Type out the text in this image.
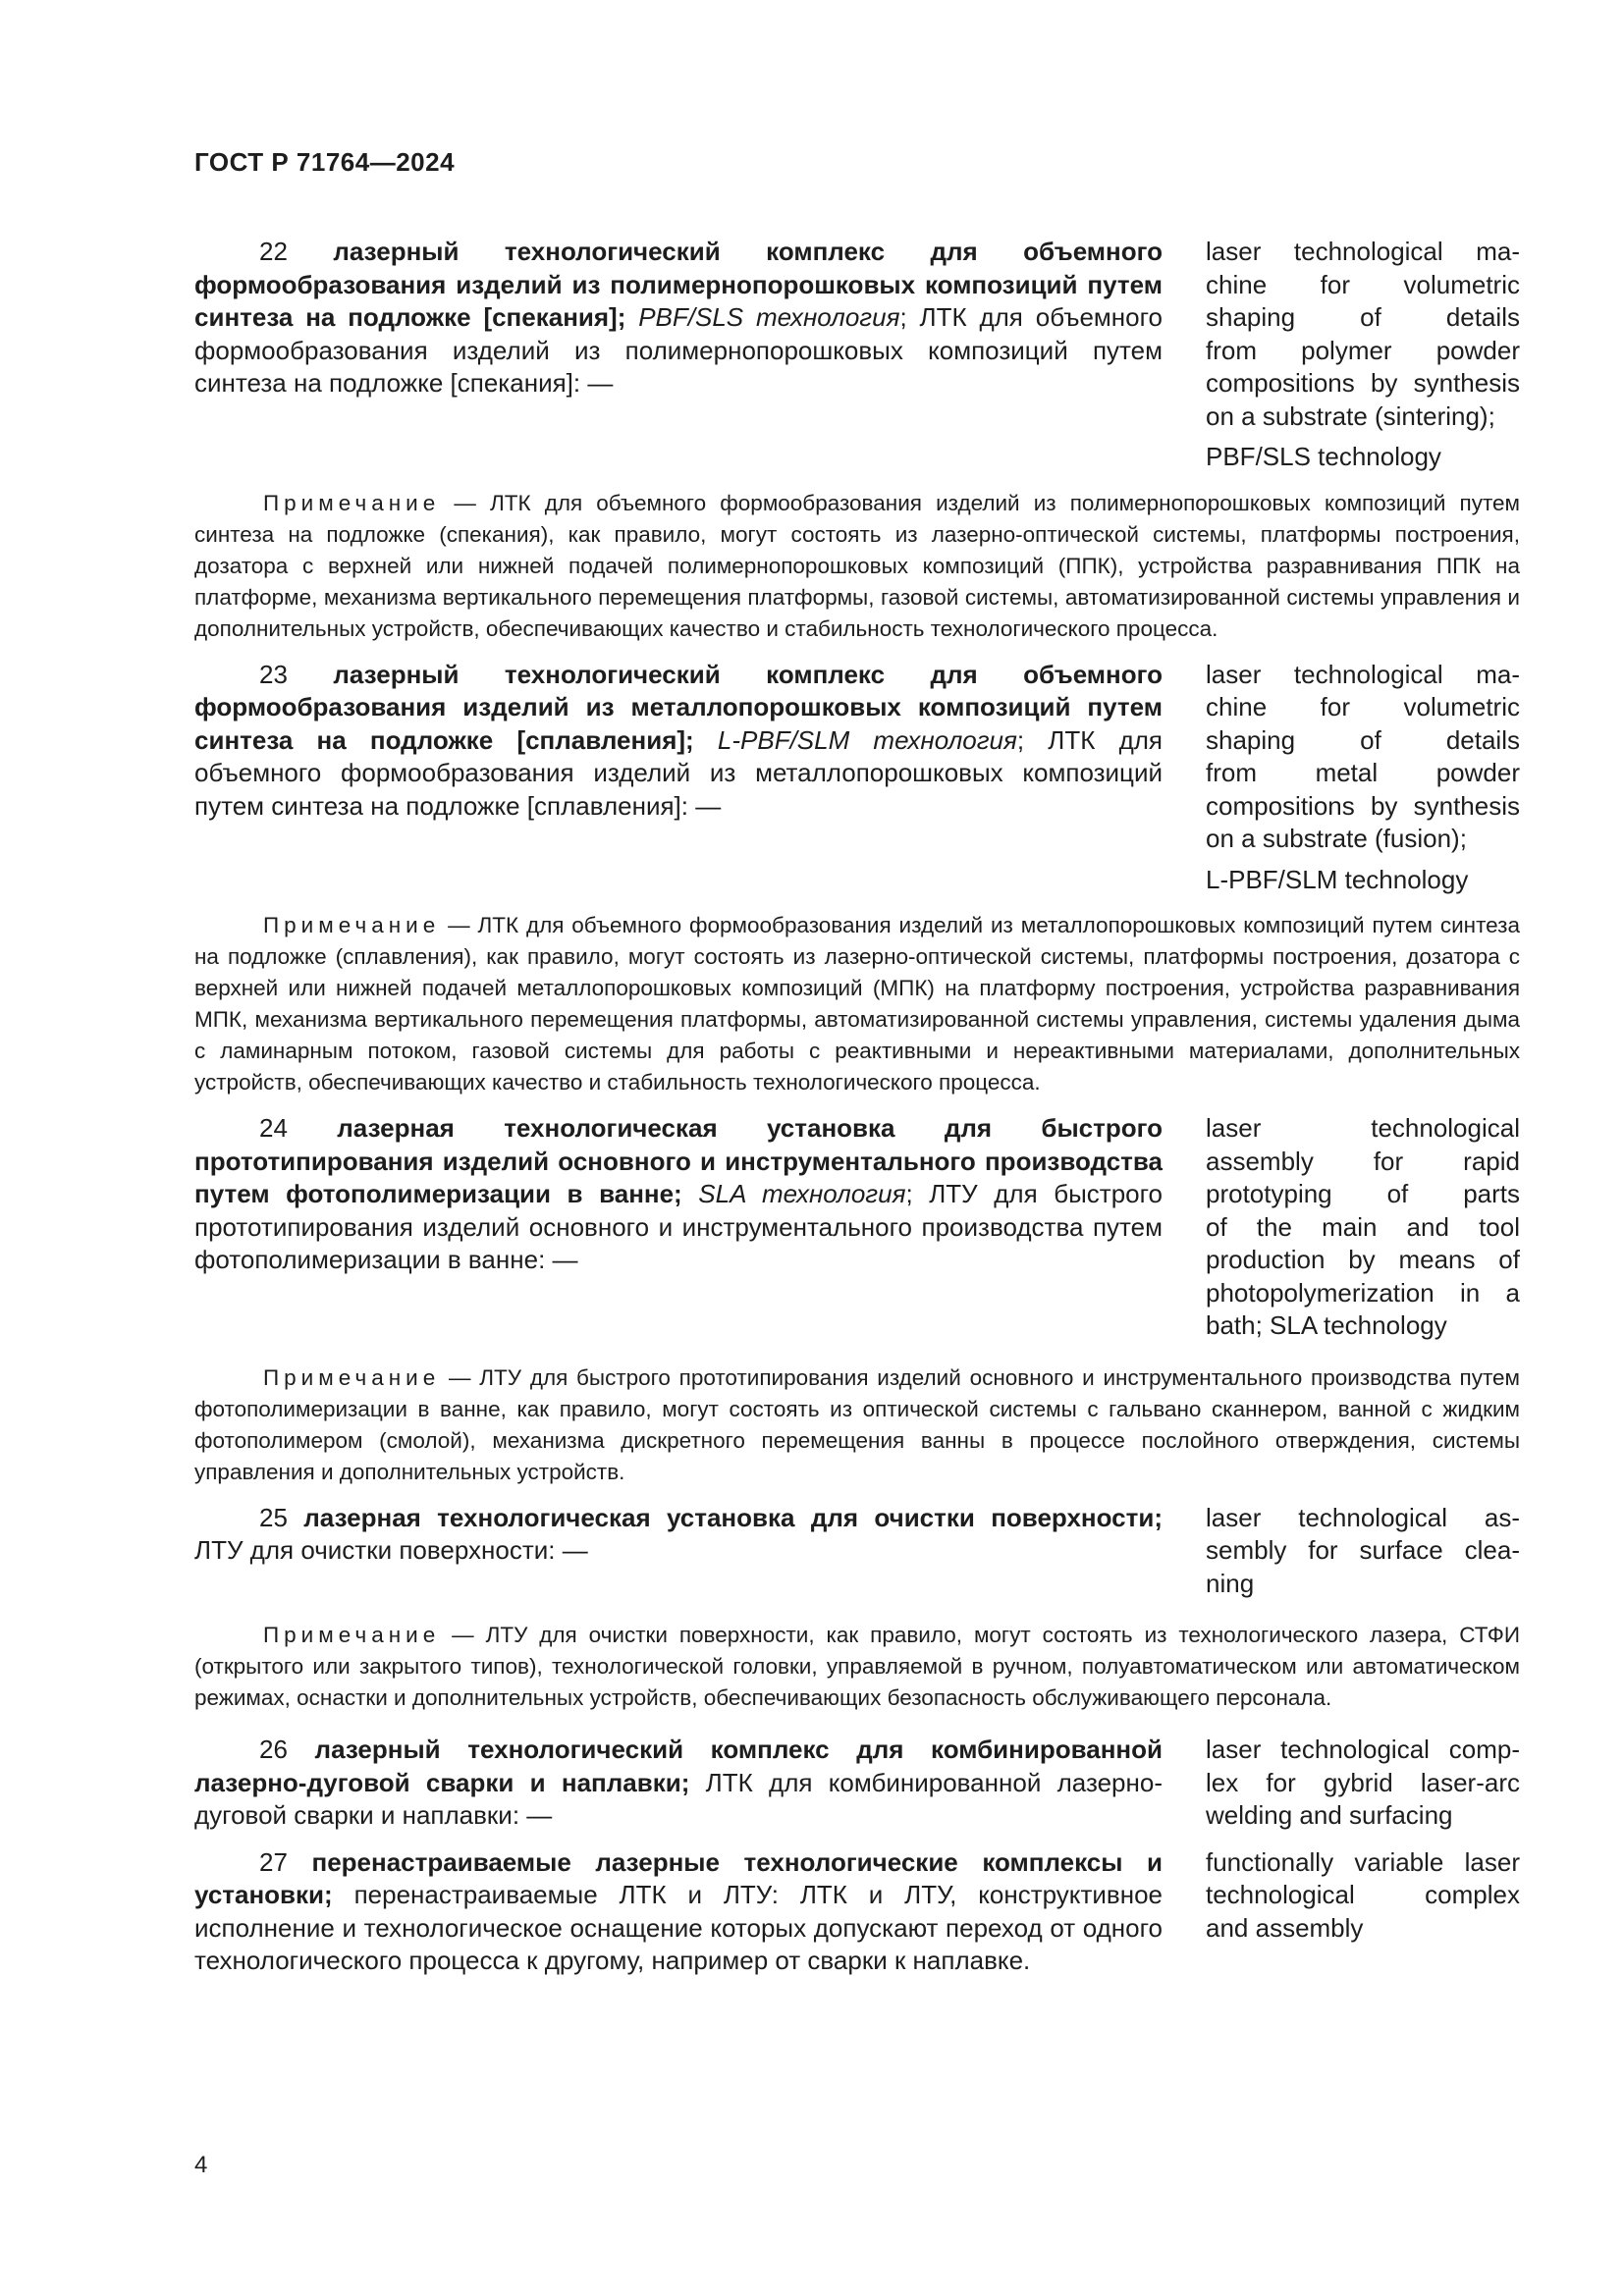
ГОСТ Р 71764—2024

22 лазерный технологический комплекс для объемного формообразования изделий из полимернопорошковых композиций путем синтеза на подложке [спекания]; PBF/SLS технология; ЛТК для объемного формообразования изделий из полимернопорошковых композиций путем синтеза на подложке [спекания]: —

laser technological ma-
chine for volumetric
shaping of details
from polymer powder
compositions by synthesis
on a substrate (sintering);
PBF/SLS technology

Примечание — ЛТК для объемного формообразования изделий из полимернопорошковых композиций путем синтеза на подложке (спекания), как правило, могут состоять из лазерно-оптической системы, платформы построения, дозатора с верхней или нижней подачей полимернопорошковых композиций (ППК), устройства разравнивания ППК на платформе, механизма вертикального перемещения платформы, газовой системы, автоматизированной системы управления и дополнительных устройств, обеспечивающих качество и стабильность технологического процесса.

23 лазерный технологический комплекс для объемного формообразования изделий из металлопорошковых композиций путем синтеза на подложке [сплавления]; L-PBF/SLM технология; ЛТК для объемного формообразования изделий из металлопорошковых композиций путем синтеза на подложке [сплавления]: —

laser technological ma-
chine for volumetric
shaping of details
from metal powder
compositions by synthesis
on a substrate (fusion);
L-PBF/SLM technology

Примечание — ЛТК для объемного формообразования изделий из металлопорошковых композиций путем синтеза на подложке (сплавления), как правило, могут состоять из лазерно-оптической системы, платформы построения, дозатора с верхней или нижней подачей металлопорошковых композиций (МПК) на платформу построения, устройства разравнивания МПК, механизма вертикального перемещения платформы, автоматизированной системы управления, системы удаления дыма с ламинарным потоком, газовой системы для работы с реактивными и нереактивными материалами, дополнительных устройств, обеспечивающих качество и стабильность технологического процесса.

24 лазерная технологическая установка для быстрого прототипирования изделий основного и инструментального производства путем фотополимеризации в ванне; SLA технология; ЛТУ для быстрого прототипирования изделий основного и инструментального производства путем фотополимеризации в ванне: —

laser technological
assembly for rapid
prototyping of parts
of the main and tool
production by means of
photopolymerization in a
bath; SLA technology

Примечание — ЛТУ для быстрого прототипирования изделий основного и инструментального производства путем фотополимеризации в ванне, как правило, могут состоять из оптической системы с гальвано сканнером, ванной с жидким фотополимером (смолой), механизма дискретного перемещения ванны в процессе послойного отверждения, системы управления и дополнительных устройств.

25 лазерная технологическая установка для очистки поверхности; ЛТУ для очистки поверхности: —

laser technological as-
sembly for surface clea-
ning

Примечание — ЛТУ для очистки поверхности, как правило, могут состоять из технологического лазера, СТФИ (открытого или закрытого типов), технологической головки, управляемой в ручном, полуавтоматическом или автоматическом режимах, оснастки и дополнительных устройств, обеспечивающих безопасность обслуживающего персонала.

26 лазерный технологический комплекс для комбинированной лазерно-дуговой сварки и наплавки; ЛТК для комбинированной лазерно-дуговой сварки и наплавки: —

laser technological comp-
lex for gybrid laser-arc
welding and surfacing

27 перенастраиваемые лазерные технологические комплексы и установки; перенастраиваемые ЛТК и ЛТУ: ЛТК и ЛТУ, конструктивное исполнение и технологическое оснащение которых допускают переход от одного технологического процесса к другому, например от сварки к наплавке.

functionally variable laser
technological complex
and assembly
4
